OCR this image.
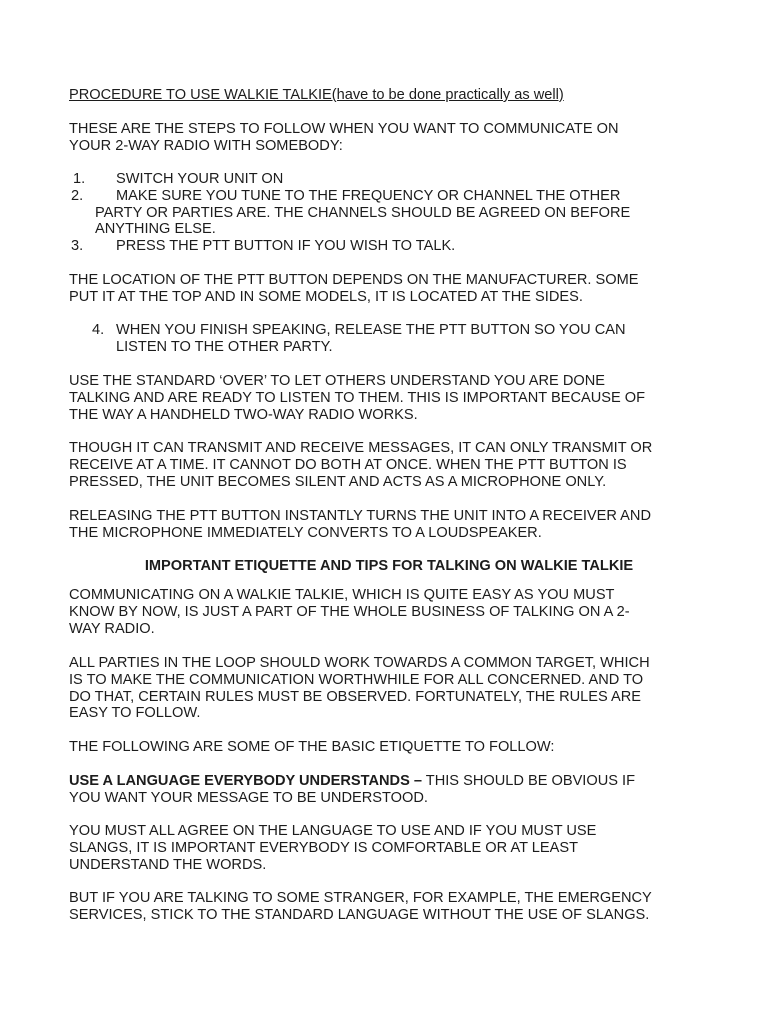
PROCEDURE TO USE WALKIE TALKIE(have to be done practically as well)
THESE ARE THE STEPS TO FOLLOW WHEN YOU WANT TO COMMUNICATE ON
YOUR 2-WAY RADIO WITH SOMEBODY:
1.	SWITCH YOUR UNIT ON
2.	MAKE SURE YOU TUNE TO THE FREQUENCY OR CHANNEL THE OTHER
PARTY OR PARTIES ARE. THE CHANNELS SHOULD BE AGREED ON BEFORE
ANYTHING ELSE.
3.	PRESS THE PTT BUTTON IF YOU WISH TO TALK.
THE LOCATION OF THE PTT BUTTON DEPENDS ON THE MANUFACTURER. SOME
PUT IT AT THE TOP AND IN SOME MODELS, IT IS LOCATED AT THE SIDES.
4. WHEN YOU FINISH SPEAKING, RELEASE THE PTT BUTTON SO YOU CAN
LISTEN TO THE OTHER PARTY.
USE THE STANDARD ‘OVER’ TO LET OTHERS UNDERSTAND YOU ARE DONE
TALKING AND ARE READY TO LISTEN TO THEM. THIS IS IMPORTANT BECAUSE OF
THE WAY A HANDHELD TWO-WAY RADIO WORKS.
THOUGH IT CAN TRANSMIT AND RECEIVE MESSAGES, IT CAN ONLY TRANSMIT OR
RECEIVE AT A TIME. IT CANNOT DO BOTH AT ONCE. WHEN THE PTT BUTTON IS
PRESSED, THE UNIT BECOMES SILENT AND ACTS AS A MICROPHONE ONLY.
RELEASING THE PTT BUTTON INSTANTLY TURNS THE UNIT INTO A RECEIVER AND
THE MICROPHONE IMMEDIATELY CONVERTS TO A LOUDSPEAKER.
IMPORTANT ETIQUETTE AND TIPS FOR TALKING ON WALKIE TALKIE
COMMUNICATING ON A WALKIE TALKIE, WHICH IS QUITE EASY AS YOU MUST
KNOW BY NOW, IS JUST A PART OF THE WHOLE BUSINESS OF TALKING ON A 2-
WAY RADIO.
ALL PARTIES IN THE LOOP SHOULD WORK TOWARDS A COMMON TARGET, WHICH
IS TO MAKE THE COMMUNICATION WORTHWHILE FOR ALL CONCERNED. AND TO
DO THAT, CERTAIN RULES MUST BE OBSERVED. FORTUNATELY, THE RULES ARE
EASY TO FOLLOW.
THE FOLLOWING ARE SOME OF THE BASIC ETIQUETTE TO FOLLOW:
USE A LANGUAGE EVERYBODY UNDERSTANDS – THIS SHOULD BE OBVIOUS IF
YOU WANT YOUR MESSAGE TO BE UNDERSTOOD.
YOU MUST ALL AGREE ON THE LANGUAGE TO USE AND IF YOU MUST USE
SLANGS, IT IS IMPORTANT EVERYBODY IS COMFORTABLE OR AT LEAST
UNDERSTAND THE WORDS.
BUT IF YOU ARE TALKING TO SOME STRANGER, FOR EXAMPLE, THE EMERGENCY
SERVICES, STICK TO THE STANDARD LANGUAGE WITHOUT THE USE OF SLANGS.
